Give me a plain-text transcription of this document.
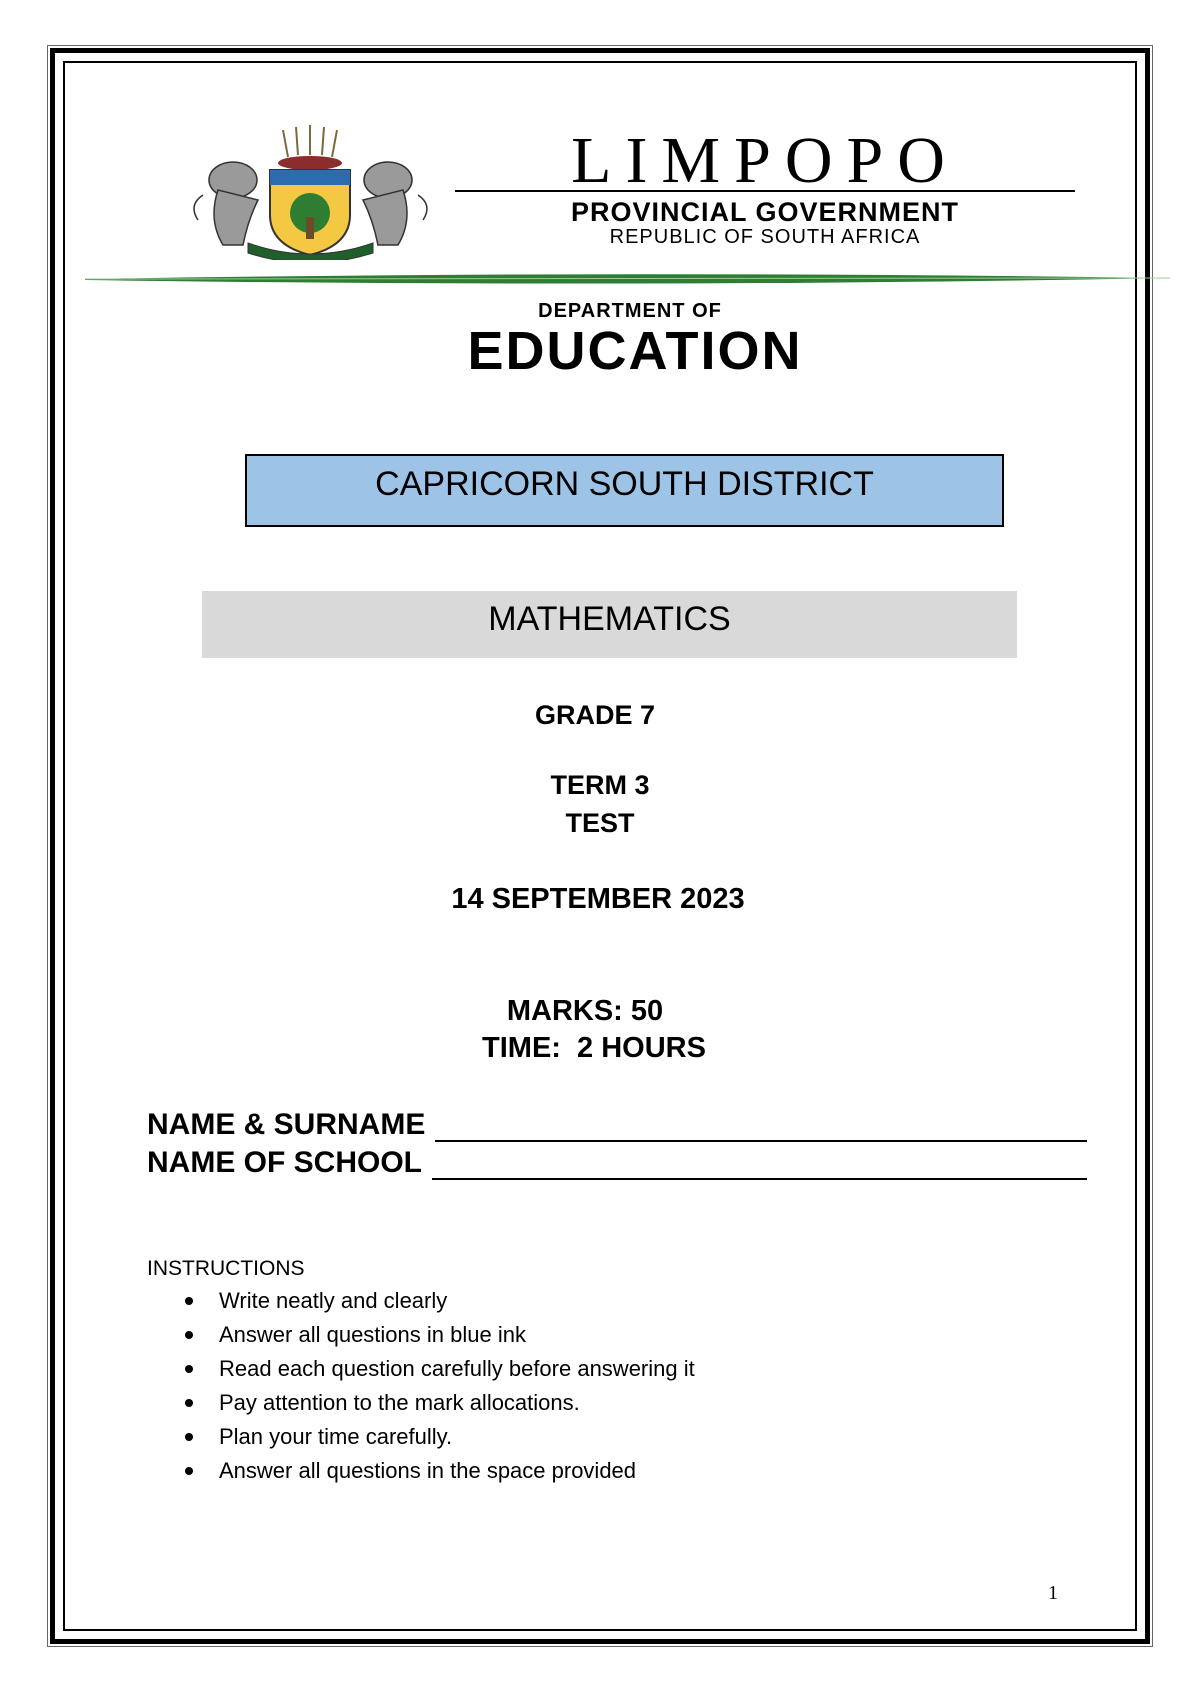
LIMPOPO
PROVINCIAL GOVERNMENT
REPUBLIC OF SOUTH AFRICA
DEPARTMENT OF
EDUCATION
CAPRICORN SOUTH DISTRICT
MATHEMATICS
GRADE 7
TERM 3
TEST
14 SEPTEMBER 2023
MARKS: 50
TIME:  2 HOURS
NAME & SURNAME
NAME OF SCHOOL
INSTRUCTIONS
Write neatly and clearly
Answer all questions in blue ink
Read each question carefully before answering it
Pay attention to the mark allocations.
Plan your time carefully.
Answer all questions in the space provided
1
